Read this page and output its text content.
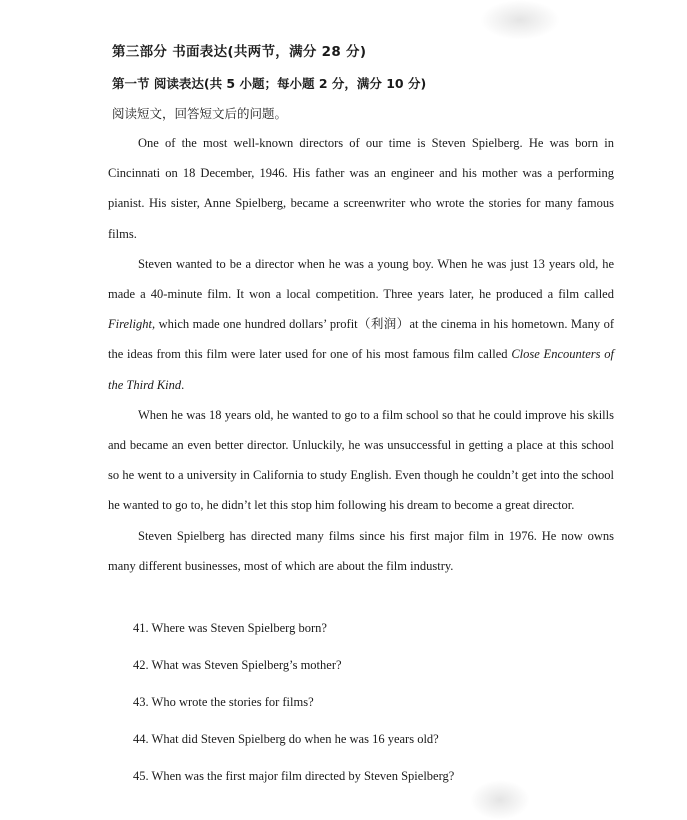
第三部分 书面表达(共两节，满分 28 分)
第一节 阅读表达(共 5 小题；每小题 2 分，满分 10 分)
阅读短文，回答短文后的问题。

One of the most well-known directors of our time is Steven Spielberg. He was born in Cincinnati on 18 December, 1946. His father was an engineer and his mother was a performing pianist. His sister, Anne Spielberg, became a screenwriter who wrote the stories for many famous films.

Steven wanted to be a director when he was a young boy. When he was just 13 years old, he made a 40-minute film. It won a local competition. Three years later, he produced a film called Firelight, which made one hundred dollars’ profit（利润）at the cinema in his hometown. Many of the ideas from this film were later used for one of his most famous film called Close Encounters of the Third Kind.

When he was 18 years old, he wanted to go to a film school so that he could improve his skills and became an even better director. Unluckily, he was unsuccessful in getting a place at this school so he went to a university in California to study English. Even though he couldn’t get into the school he wanted to go to, he didn’t let this stop him following his dream to become a great director.

Steven Spielberg has directed many films since his first major film in 1976. He now owns many different businesses, most of which are about the film industry.

41. Where was Steven Spielberg born?
42. What was Steven Spielberg’s mother?
43. Who wrote the stories for films?
44. What did Steven Spielberg do when he was 16 years old?
45. When was the first major film directed by Steven Spielberg?
